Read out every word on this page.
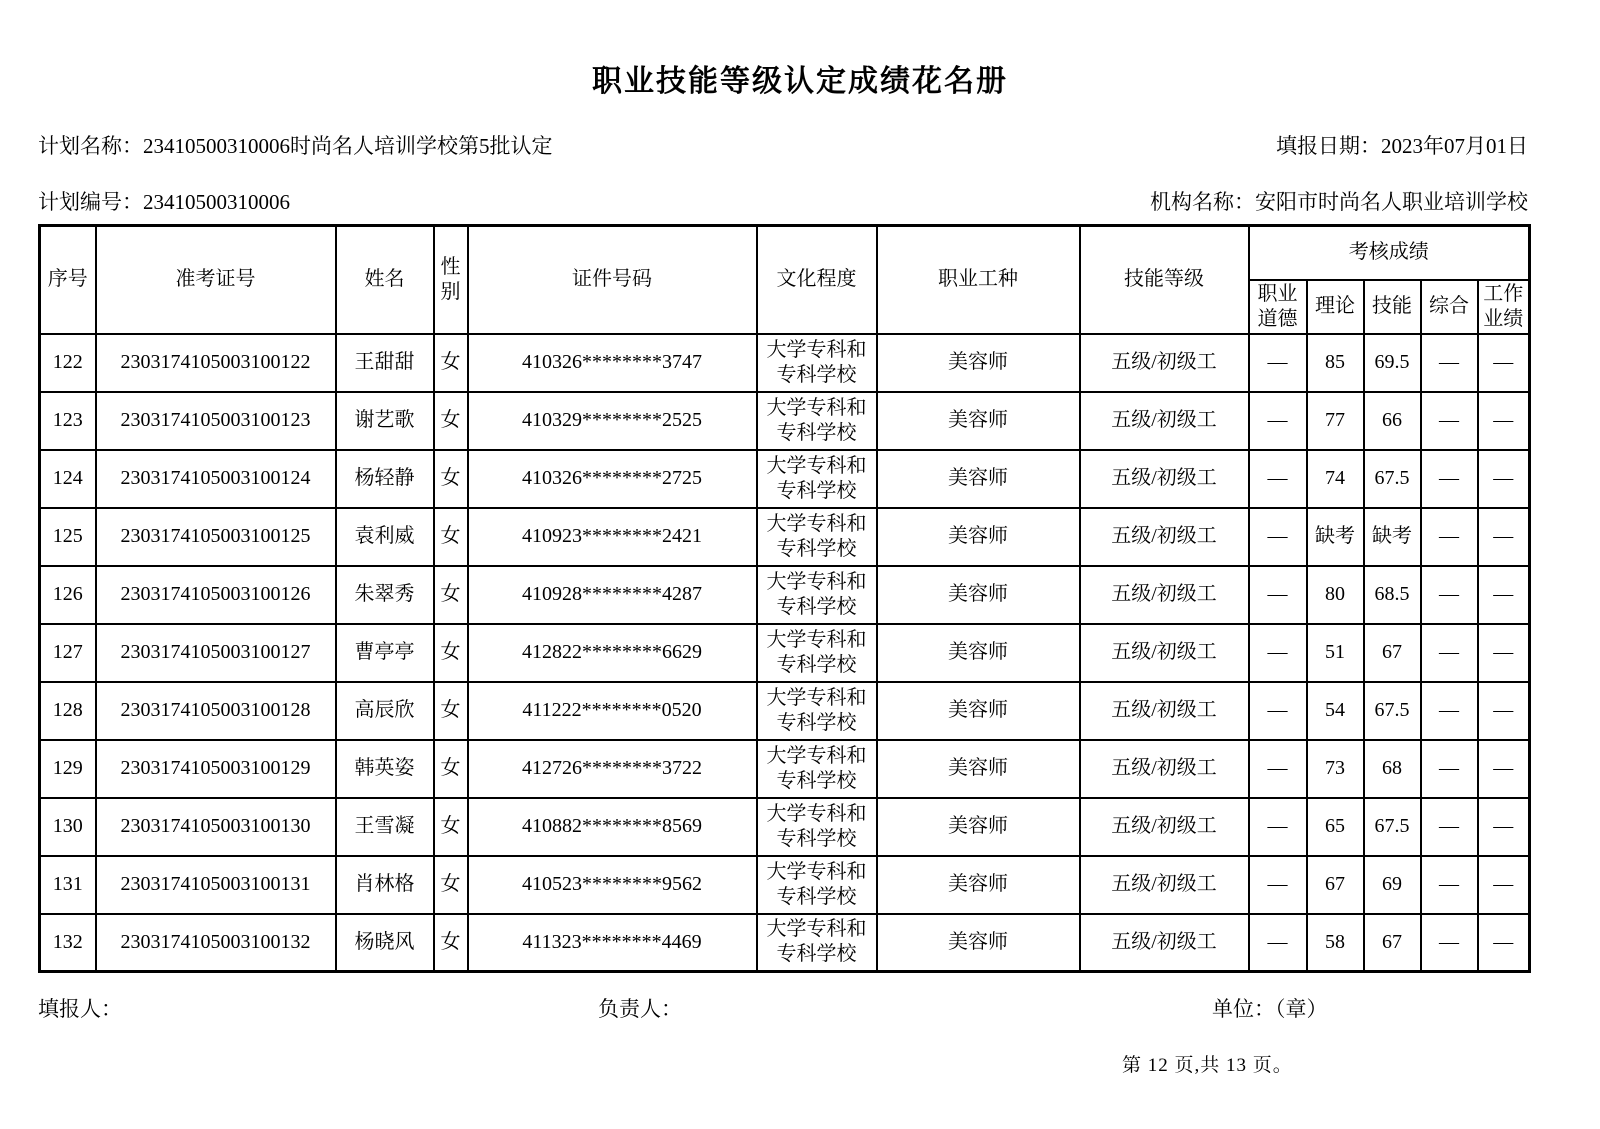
职业技能等级认定成绩花名册
计划名称：23410500310006时尚名人培训学校第5批认定	填报日期：2023年07月01日
计划编号：23410500310006	机构名称：安阳市时尚名人职业培训学校
序号	准考证号	姓名	性别	证件号码	文化程度	职业工种	技能等级	考核成绩				
								职业道德	理论	技能	综合	工作业绩
122	2303174105003100122	王甜甜	女	410326********3747	大学专科和专科学校	美容师	五级/初级工	—	85	69.5	—	—
123	2303174105003100123	谢艺歌	女	410329********2525	大学专科和专科学校	美容师	五级/初级工	—	77	66	—	—
124	2303174105003100124	杨轻静	女	410326********2725	大学专科和专科学校	美容师	五级/初级工	—	74	67.5	—	—
125	2303174105003100125	袁利威	女	410923********2421	大学专科和专科学校	美容师	五级/初级工	—	缺考	缺考	—	—
126	2303174105003100126	朱翠秀	女	410928********4287	大学专科和专科学校	美容师	五级/初级工	—	80	68.5	—	—
127	2303174105003100127	曹亭亭	女	412822********6629	大学专科和专科学校	美容师	五级/初级工	—	51	67	—	—
128	2303174105003100128	高辰欣	女	411222********0520	大学专科和专科学校	美容师	五级/初级工	—	54	67.5	—	—
129	2303174105003100129	韩英姿	女	412726********3722	大学专科和专科学校	美容师	五级/初级工	—	73	68	—	—
130	2303174105003100130	王雪凝	女	410882********8569	大学专科和专科学校	美容师	五级/初级工	—	65	67.5	—	—
131	2303174105003100131	肖林格	女	410523********9562	大学专科和专科学校	美容师	五级/初级工	—	67	69	—	—
132	2303174105003100132	杨晓风	女	411323********4469	大学专科和专科学校	美容师	五级/初级工	—	58	67	—	—
填报人：	负责人：	单位：（章）
第 12 页,共 13 页。
